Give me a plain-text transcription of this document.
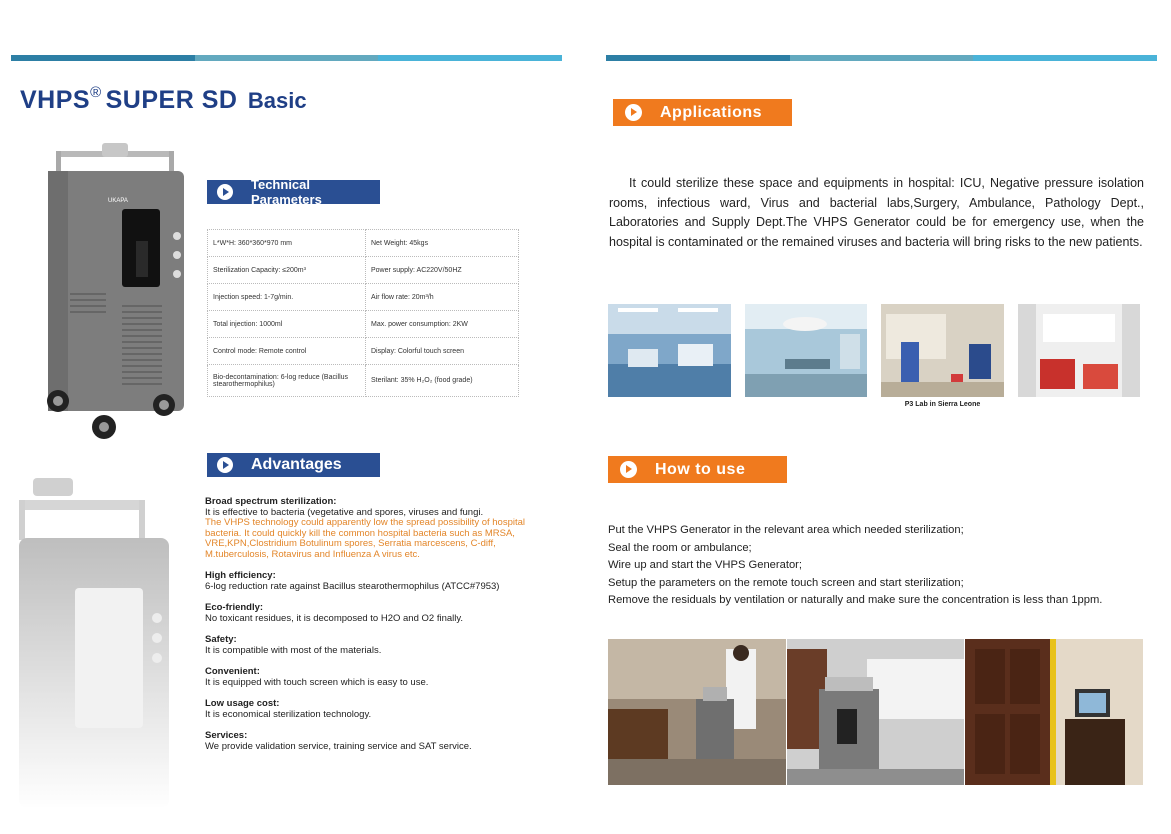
VHPS® SUPER SD Basic
UKAPA
Technical Parameters
L*W*H: 360*360*970 mm	Net Weight: 45kgs
Sterilization Capacity: ≤200m³	Power supply: AC220V/50HZ
Injection speed: 1-7g/min.	Air flow rate: 20m³/h
Total injection: 1000ml	Max. power consumption: 2KW
Control mode: Remote control	Display: Colorful touch screen
Bio-decontamination: 6-log reduce (Bacillus stearothermophilus)	Sterilant: 35% H₂O₂ (food grade)
Advantages
Broad spectrum sterilization:
It is effective to bacteria (vegetative and spores, viruses and fungi.
The VHPS technology could apparently low the spread possibility of hospital bacteria. It could quickly kill the common hospital bacteria such as MRSA, VRE,KPN,Clostridium Botulinum spores, Serratia marcescens, C-diff, M.tuberculosis, Rotavirus and Influenza A virus etc.
High efficiency:
6-log reduction rate against Bacillus stearothermophilus (ATCC#7953)
Eco-friendly:
No toxicant residues, it is decomposed to H2O and O2 finally.
Safety:
It is compatible with most of the materials.
Convenient:
It is equipped with touch screen which is easy to use.
Low usage cost:
It is economical sterilization technology.
Services:
We provide validation service, training service and SAT service.
Applications
It could sterilize these space and equipments in hospital: ICU, Negative pressure isolation rooms, infectious ward, Virus and bacterial labs,Surgery, Ambulance, Pathology Dept., Laboratories and Supply Dept.The VHPS Generator could be for emergency use, when the hospital is contaminated or the remained viruses and bacteria will bring risks to the new patients.
P3 Lab in Sierra Leone
How to use
Put the VHPS Generator in the relevant area which needed sterilization;
Seal the room or ambulance;
Wire up and start the VHPS Generator;
Setup the parameters on the remote touch screen and start sterilization;
Remove the residuals by ventilation or naturally and make sure the concentration is less than 1ppm.
